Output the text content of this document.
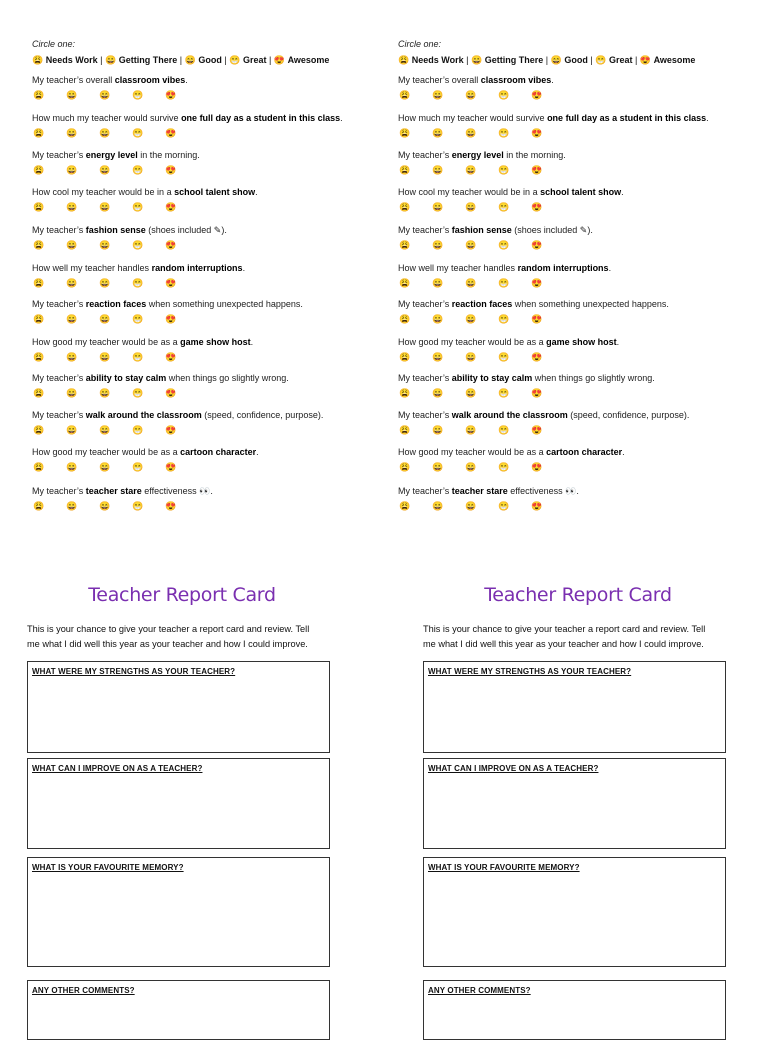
Circle one:
😩 Needs Work | 😀 Getting There | 😄 Good | 😁 Great | 😍 Awesome
My teacher’s overall classroom vibes.
😩 😀 😄 😁 😍
How much my teacher would survive one full day as a student in this class.
😩 😀 😄 😁 😍
My teacher’s energy level in the morning.
😩 😀 😄 😁 😍
How cool my teacher would be in a school talent show.
😩 😀 😄 😁 😍
My teacher’s fashion sense (shoes included ✎).
😩 😀 😄 😁 😍
How well my teacher handles random interruptions.
😩 😀 😄 😁 😍
My teacher’s reaction faces when something unexpected happens.
😩 😀 😄 😁 😍
How good my teacher would be as a game show host.
😩 😀 😄 😁 😍
My teacher’s ability to stay calm when things go slightly wrong.
😩 😀 😄 😁 😍
My teacher’s walk around the classroom (speed, confidence, purpose).
😩 😀 😄 😁 😍
How good my teacher would be as a cartoon character.
😩 😀 😄 😁 😍
My teacher’s teacher stare effectiveness 👀.
😩 😀 😄 😁 😍
Circle one:
😩 Needs Work | 😀 Getting There | 😄 Good | 😁 Great | 😍 Awesome
My teacher’s overall classroom vibes.
😩 😀 😄 😁 😍
How much my teacher would survive one full day as a student in this class.
😩 😀 😄 😁 😍
My teacher’s energy level in the morning.
😩 😀 😄 😁 😍
How cool my teacher would be in a school talent show.
😩 😀 😄 😁 😍
My teacher’s fashion sense (shoes included ✎).
😩 😀 😄 😁 😍
How well my teacher handles random interruptions.
😩 😀 😄 😁 😍
My teacher’s reaction faces when something unexpected happens.
😩 😀 😄 😁 😍
How good my teacher would be as a game show host.
😩 😀 😄 😁 😍
My teacher’s ability to stay calm when things go slightly wrong.
😩 😀 😄 😁 😍
My teacher’s walk around the classroom (speed, confidence, purpose).
😩 😀 😄 😁 😍
How good my teacher would be as a cartoon character.
😩 😀 😄 😁 😍
My teacher’s teacher stare effectiveness 👀.
😩 😀 😄 😁 😍
Teacher Report Card
This is your chance to give your teacher a report card and review. Tell
me what I did well this year as your teacher and how I could improve.
WHAT WERE MY STRENGTHS AS YOUR TEACHER?
WHAT CAN I IMPROVE ON AS A TEACHER?
WHAT IS YOUR FAVOURITE MEMORY?
ANY OTHER COMMENTS?
Teacher Report Card
This is your chance to give your teacher a report card and review. Tell
me what I did well this year as your teacher and how I could improve.
WHAT WERE MY STRENGTHS AS YOUR TEACHER?
WHAT CAN I IMPROVE ON AS A TEACHER?
WHAT IS YOUR FAVOURITE MEMORY?
ANY OTHER COMMENTS?
